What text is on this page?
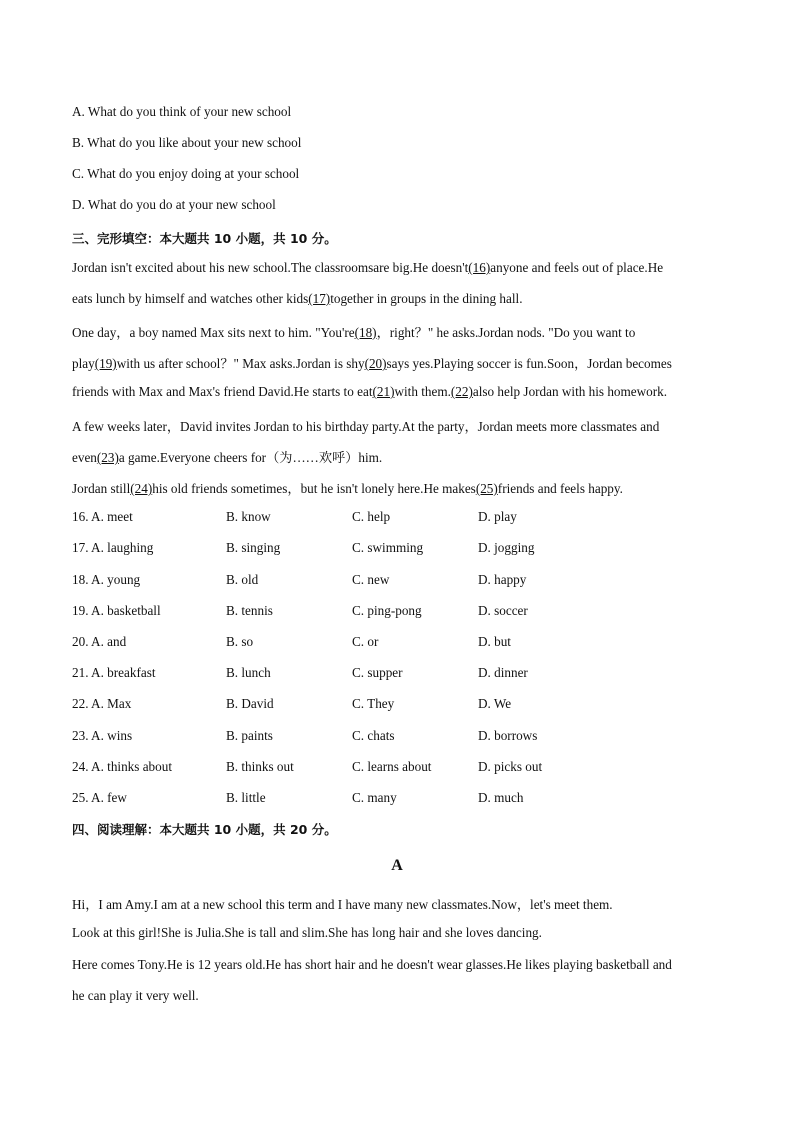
A. What do you think of your new school
B. What do you like about your new school
C. What do you enjoy doing at your school
D. What do you do at your new school
三、完形填空：本大题共 10 小题，共 10 分。
Jordan isn't excited about his new school.The classroomsare big.He doesn't(16)anyone and feels out of place.He
eats lunch by himself and watches other kids(17)together in groups in the dining hall.
One day，a boy named Max sits next to him. "You're(18)，right？" he asks.Jordan nods. "Do you want to
play(19)with us after school？" Max asks.Jordan is shy(20)says yes.Playing soccer is fun.Soon，Jordan becomes
friends with Max and Max's friend David.He starts to eat(21)with them.(22)also help Jordan with his homework.
A few weeks later，David invites Jordan to his birthday party.At the party，Jordan meets more classmates and
even(23)a game.Everyone cheers for（为……欢呼）him.
Jordan still(24)his old friends sometimes，but he isn't lonely here.He makes(25)friends and feels happy.
16. A. meet	B. know	C. help	D. play
17. A. laughing	B. singing	C. swimming	D. jogging
18. A. young	B. old	C. new	D. happy
19. A. basketball	B. tennis	C. ping-pong	D. soccer
20. A. and	B. so	C. or	D. but
21. A. breakfast	B. lunch	C. supper	D. dinner
22. A. Max	B. David	C. They	D. We
23. A. wins	B. paints	C. chats	D. borrows
24. A. thinks about	B. thinks out	C. learns about	D. picks out
25. A. few	B. little	C. many	D. much
四、阅读理解：本大题共 10 小题，共 20 分。
A
Hi，I am Amy.I am at a new school this term and I have many new classmates.Now，let's meet them.
Look at this girl!She is Julia.She is tall and slim.She has long hair and she loves dancing.
Here comes Tony.He is 12 years old.He has short hair and he doesn't wear glasses.He likes playing basketball and
he can play it very well.
